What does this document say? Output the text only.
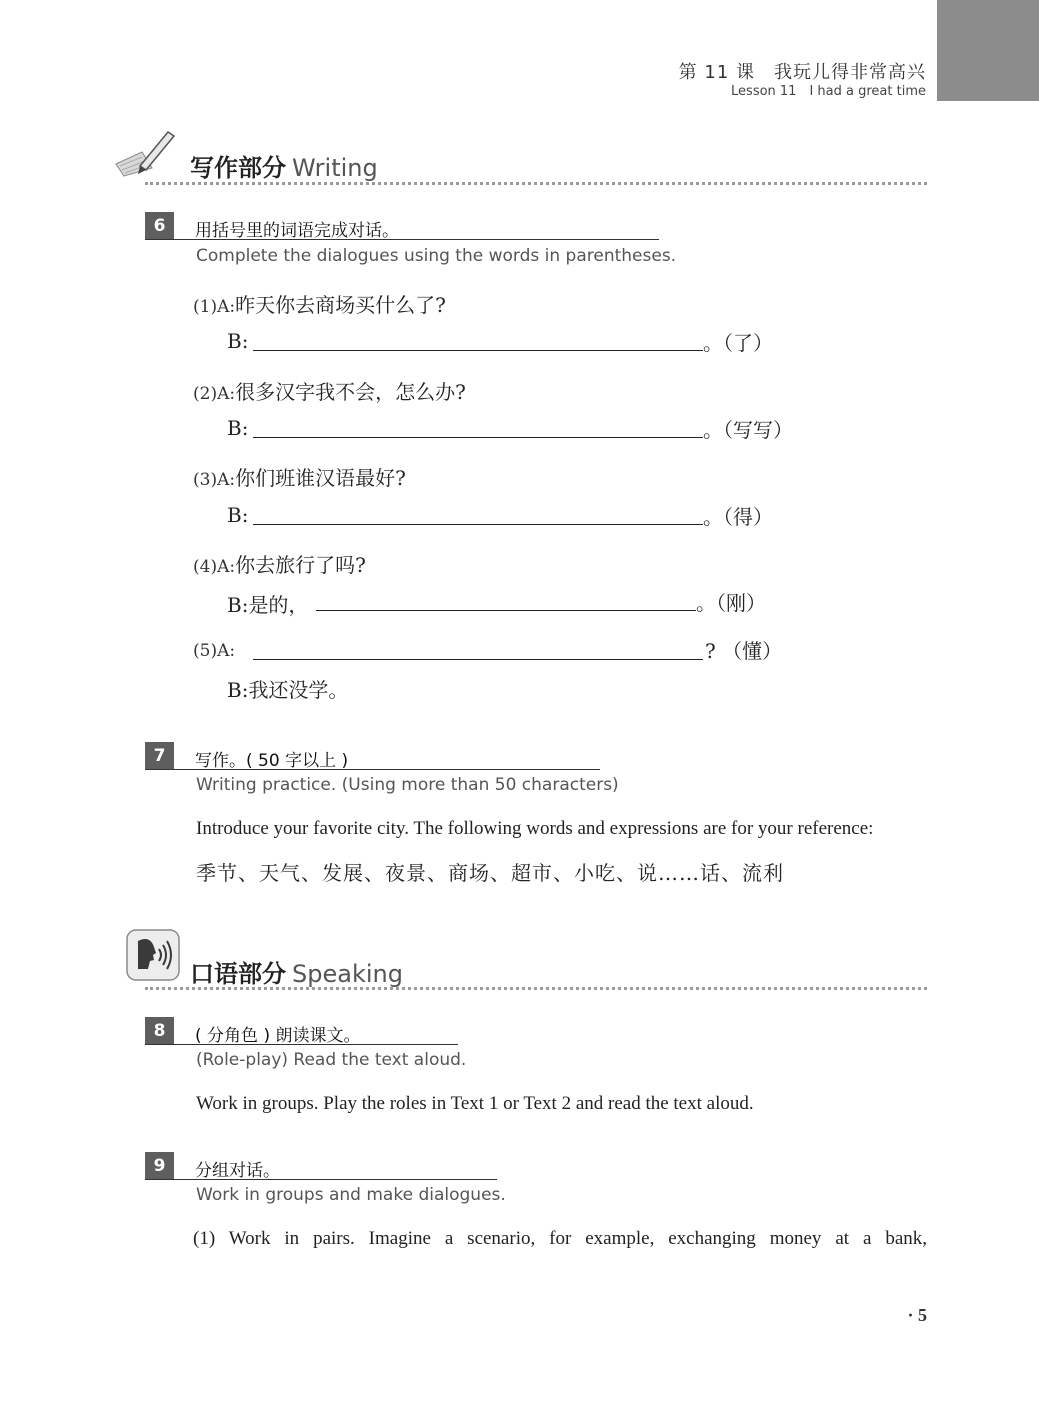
第 11 课　我玩儿得非常高兴
Lesson 11　I had a great time
写作部分 Writing
6	用括号里的词语完成对话。
Complete the dialogues using the words in parentheses.
(1)A:昨天你去商场买什么了?
B:	。（了）
(2)A:很多汉字我不会，怎么办?
B:	。（写写）
(3)A:你们班谁汉语最好?
B:	。（得）
(4)A:你去旅行了吗?
B:是的，	。（刚）
(5)A:	? （懂）
B:我还没学。
7	写作。( 50 字以上 )
Writing practice. (Using more than 50 characters)
Introduce your favorite city. The following words and expressions are for your reference:
季节、天气、发展、夜景、商场、超市、小吃、说……话、流利
口语部分 Speaking
8	( 分角色 ) 朗读课文。
(Role-play) Read the text aloud.
Work in groups. Play the roles in Text 1 or Text 2 and read the text aloud.
9	分组对话。
Work in groups and make dialogues.
(1) Work in pairs. Imagine a scenario, for example, exchanging money at a bank,
· 5
